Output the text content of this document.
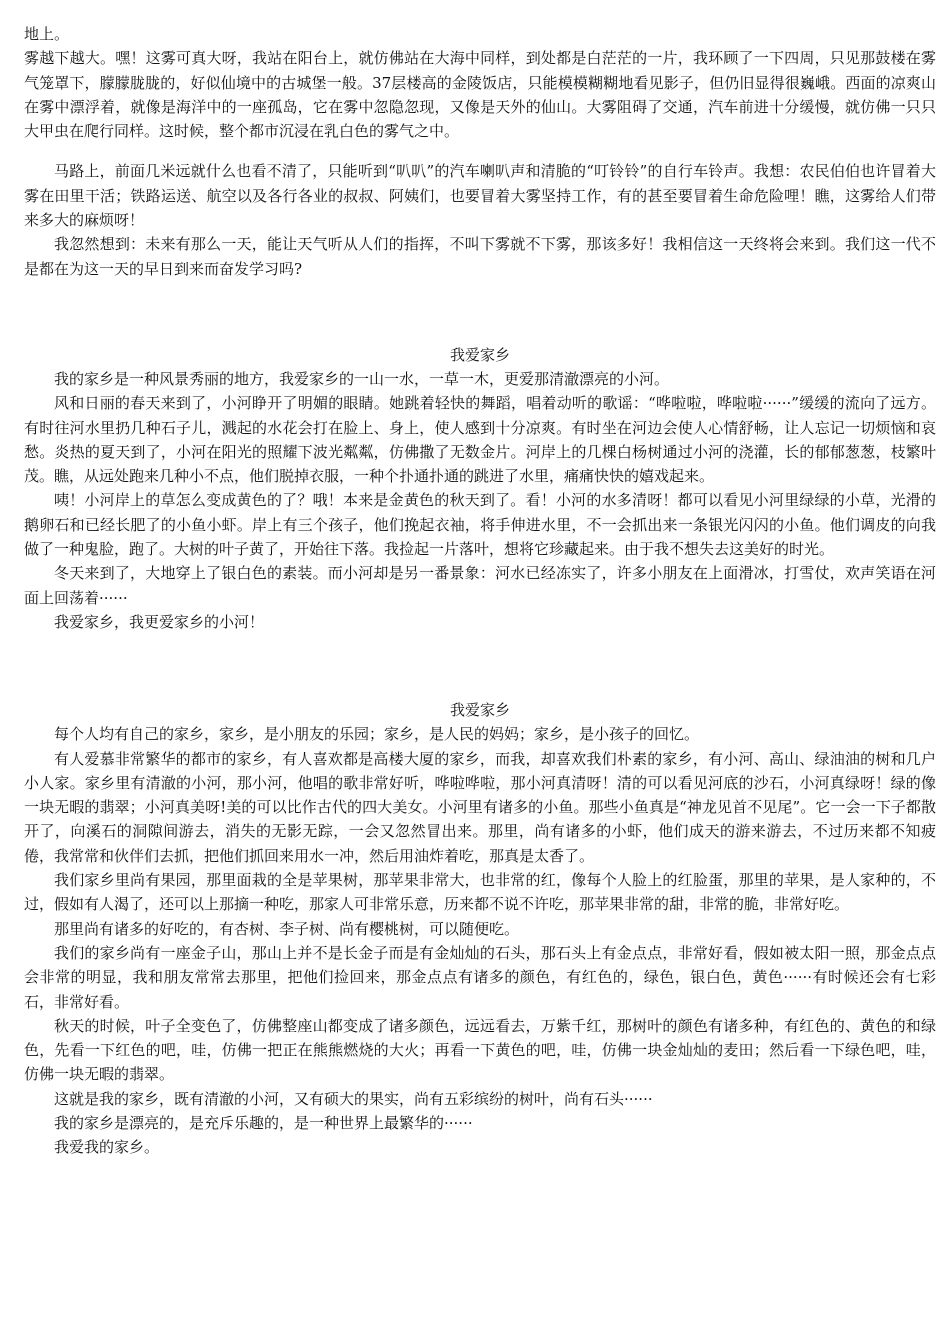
地上。

雾越下越大。嘿！这雾可真大呀，我站在阳台上，就仿佛站在大海中同样，到处都是白茫茫的一片，我环顾了一下四周，只见那鼓楼在雾气笼罩下，朦朦胧胧的，好似仙境中的古城堡一般。37层楼高的金陵饭店，只能模模糊糊地看见影子，但仍旧显得很巍峨。西面的凉爽山在雾中漂浮着，就像是海洋中的一座孤岛，它在雾中忽隐忽现，又像是天外的仙山。大雾阻碍了交通，汽车前进十分缓慢，就仿佛一只只大甲虫在爬行同样。这时候，整个都市沉浸在乳白色的雾气之中。

马路上，前面几米远就什么也看不清了，只能听到“叭叭”的汽车喇叭声和清脆的“叮铃铃”的自行车铃声。我想：农民伯伯也许冒着大雾在田里干活；铁路运送、航空以及各行各业的叔叔、阿姨们，也要冒着大雾坚持工作，有的甚至要冒着生命危险哩！瞧，这雾给人们带来多大的麻烦呀！

我忽然想到：未来有那么一天，能让天气听从人们的指挥，不叫下雾就不下雾，那该多好！我相信这一天终将会来到。我们这一代不是都在为这一天的早日到来而奋发学习吗?

我爱家乡

我的家乡是一种风景秀丽的地方，我爱家乡的一山一水，一草一木，更爱那清澈漂亮的小河。

风和日丽的春天来到了，小河睁开了明媚的眼睛。她跳着轻快的舞蹈，唱着动听的歌谣：“哗啦啦，哗啦啦······”缓缓的流向了远方。有时往河水里扔几种石子儿，溅起的水花会打在脸上、身上，使人感到十分凉爽。有时坐在河边会使人心情舒畅，让人忘记一切烦恼和哀愁。炎热的夏天到了，小河在阳光的照耀下波光粼粼，仿佛撒了无数金片。河岸上的几棵白杨树通过小河的浇灌，长的郁郁葱葱，枝繁叶茂。瞧，从远处跑来几种小不点，他们脱掉衣服，一种个扑通扑通的跳进了水里，痛痛快快的嬉戏起来。

咦！小河岸上的草怎么变成黄色的了？哦！本来是金黄色的秋天到了。看！小河的水多清呀！都可以看见小河里绿绿的小草，光滑的鹅卵石和已经长肥了的小鱼小虾。岸上有三个孩子，他们挽起衣袖，将手伸进水里，不一会抓出来一条银光闪闪的小鱼。他们调皮的向我做了一种鬼脸，跑了。大树的叶子黄了，开始往下落。我捡起一片落叶，想将它珍藏起来。由于我不想失去这美好的时光。

冬天来到了，大地穿上了银白色的素装。而小河却是另一番景象：河水已经冻实了，许多小朋友在上面滑冰，打雪仗，欢声笑语在河面上回荡着······

我爱家乡，我更爱家乡的小河！

我爱家乡

每个人均有自己的家乡，家乡，是小朋友的乐园；家乡，是人民的妈妈；家乡，是小孩子的回忆。

有人爱慕非常繁华的都市的家乡，有人喜欢都是高楼大厦的家乡，而我，却喜欢我们朴素的家乡，有小河、高山、绿油油的树和几户小人家。家乡里有清澈的小河，那小河，他唱的歌非常好听，哗啦哗啦，那小河真清呀！清的可以看见河底的沙石，小河真绿呀！绿的像一块无暇的翡翠；小河真美呀!美的可以比作古代的四大美女。小河里有诸多的小鱼。那些小鱼真是“神龙见首不见尾”。它一会一下子都散开了，向溪石的洞隙间游去，消失的无影无踪，一会又忽然冒出来。那里，尚有诸多的小虾，他们成天的游来游去，不过历来都不知疲倦，我常常和伙伴们去抓，把他们抓回来用水一冲，然后用油炸着吃，那真是太香了。

我们家乡里尚有果园，那里面栽的全是苹果树，那苹果非常大，也非常的红，像每个人脸上的红脸蛋，那里的苹果，是人家种的，不过，假如有人渴了，还可以上那摘一种吃，那家人可非常乐意，历来都不说不许吃，那苹果非常的甜，非常的脆，非常好吃。

那里尚有诸多的好吃的，有杏树、李子树、尚有樱桃树，可以随便吃。

我们的家乡尚有一座金子山，那山上并不是长金子而是有金灿灿的石头，那石头上有金点点，非常好看，假如被太阳一照，那金点点会非常的明显，我和朋友常常去那里，把他们捡回来，那金点点有诸多的颜色，有红色的，绿色，银白色，黄色······有时候还会有七彩石，非常好看。

秋天的时候，叶子全变色了，仿佛整座山都变成了诸多颜色，远远看去，万紫千红，那树叶的颜色有诸多种，有红色的、黄色的和绿色，先看一下红色的吧，哇，仿佛一把正在熊熊燃烧的大火；再看一下黄色的吧，哇，仿佛一块金灿灿的麦田；然后看一下绿色吧，哇，仿佛一块无暇的翡翠。

这就是我的家乡，既有清澈的小河，又有硕大的果实，尚有五彩缤纷的树叶，尚有石头······

我的家乡是漂亮的，是充斥乐趣的，是一种世界上最繁华的······

我爱我的家乡。
